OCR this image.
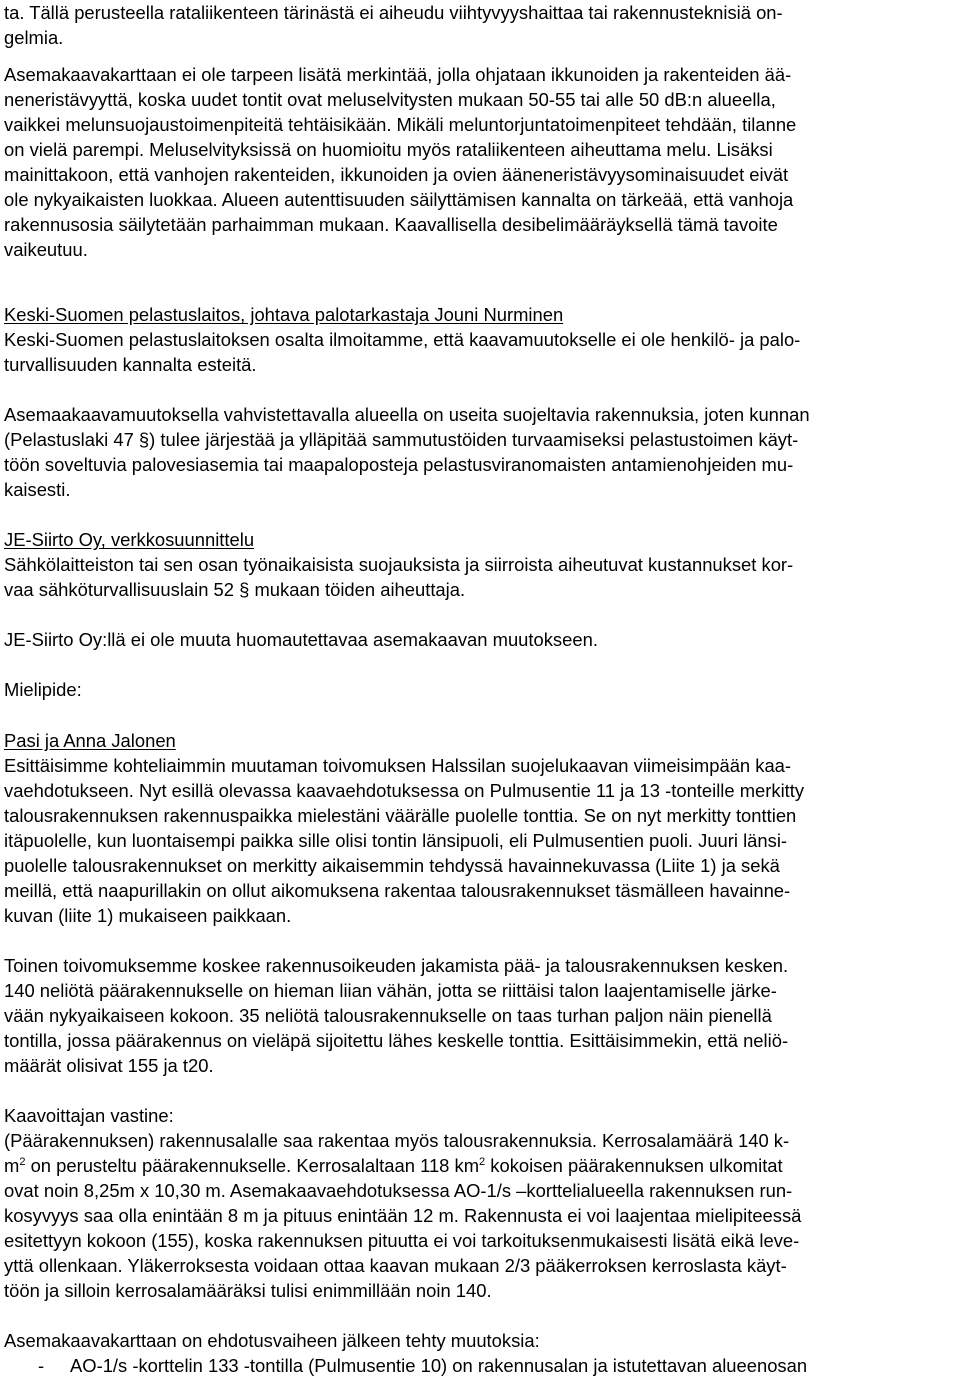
ta. Tällä perusteella rataliikenteen tärinästä ei aiheudu viihtyvyyshaittaa tai rakennusteknisiä on-
gelmia.
Asemakaavakarttaan ei ole tarpeen lisätä merkintää, jolla ohjataan ikkunoiden ja rakenteiden ää-
neneristävyyttä, koska uudet tontit ovat meluselvitysten mukaan 50-55 tai alle 50 dB:n alueella,
vaikkei melunsuojaustoimenpiteitä tehtäisikään. Mikäli meluntorjuntatoimenpiteet tehdään, tilanne
on vielä parempi. Meluselvityksissä on huomioitu myös rataliikenteen aiheuttama melu. Lisäksi
mainittakoon, että vanhojen rakenteiden, ikkunoiden ja ovien ääneneristävyysominaisuudet eivät
ole nykyaikaisten luokkaa. Alueen autenttisuuden säilyttämisen kannalta on tärkeää, että vanhoja
rakennusosia säilytetään parhaimman mukaan. Kaavallisella desibelimääräyksellä tämä tavoite
vaikeutuu.
Keski-Suomen pelastuslaitos, johtava palotarkastaja Jouni Nurminen
Keski-Suomen pelastuslaitoksen osalta ilmoitamme, että kaavamuutokselle ei ole henkilö- ja palo-
turvallisuuden kannalta esteitä.
Asemaakaavamuutoksella vahvistettavalla alueella on useita suojeltavia rakennuksia, joten kunnan
(Pelastuslaki 47 §) tulee järjestää ja ylläpitää sammutustöiden turvaamiseksi pelastustoimen käyt-
töön soveltuvia palovesiasemia tai maapaloposteja pelastusviranomaisten antamienohjeiden mu-
kaisesti.
JE-Siirto Oy, verkkosuunnittelu
Sähkölaitteiston tai sen osan työnaikaisista suojauksista ja siirroista aiheutuvat kustannukset kor-
vaa sähköturvallisuuslain 52 § mukaan töiden aiheuttaja.
JE-Siirto Oy:llä ei ole muuta huomautettavaa asemakaavan muutokseen.
Mielipide:
Pasi ja Anna Jalonen
Esittäisimme kohteliaimmin muutaman toivomuksen Halssilan suojelukaavan viimeisimpään kaa-
vaehdotukseen. Nyt esillä olevassa kaavaehdotuksessa on Pulmusentie 11 ja 13 -tonteille merkitty
talousrakennuksen rakennuspaikka mielestäni väärälle puolelle tonttia. Se on nyt merkitty tonttien
itäpuolelle, kun luontaisempi paikka sille olisi tontin länsipuoli, eli Pulmusentien puoli. Juuri länsi-
puolelle talousrakennukset on merkitty aikaisemmin tehdyssä havainnekuvassa (Liite 1) ja sekä
meillä, että naapurillakin on ollut aikomuksena rakentaa talousrakennukset täsmälleen havainne-
kuvan (liite 1) mukaiseen paikkaan.
Toinen toivomuksemme koskee rakennusoikeuden jakamista pää- ja talousrakennuksen kesken.
140 neliötä päärakennukselle on hieman liian vähän, jotta se riittäisi talon laajentamiselle järke-
vään nykyaikaiseen kokoon. 35 neliötä talousrakennukselle on taas turhan paljon näin pienellä
tontilla, jossa päärakennus on vieläpä sijoitettu lähes keskelle tonttia. Esittäisimmekin, että neliö-
määrät olisivat 155 ja t20.
Kaavoittajan vastine:
(Päärakennuksen) rakennusalalle saa rakentaa myös talousrakennuksia. Kerrosalamäärä 140 k-
$m^2$ on perusteltu päärakennukselle. Kerrosalaltaan 118 $km^2$ kokoisen päärakennuksen ulkomitat
ovat noin 8,25m x 10,30 m. Asemakaavaehdotuksessa AO-1/s –korttelialueella rakennuksen run-
kosyvyys saa olla enintään 8 m ja pituus enintään 12 m. Rakennusta ei voi laajentaa mielipiteessä
esitettyyn kokoon (155), koska rakennuksen pituutta ei voi tarkoituksenmukaisesti lisätä eikä leve-
yttä ollenkaan. Yläkerroksesta voidaan ottaa kaavan mukaan 2/3 pääkerroksen kerroslasta käyt-
töön ja silloin kerrosalamääräksi tulisi enimmillään noin 140.
Asemakaavakarttaan on ehdotusvaiheen jälkeen tehty muutoksia:
- AO-1/s -korttelin 133 -tontilla (Pulmusentie 10) on rakennusalan ja istutettavan alueenosan
